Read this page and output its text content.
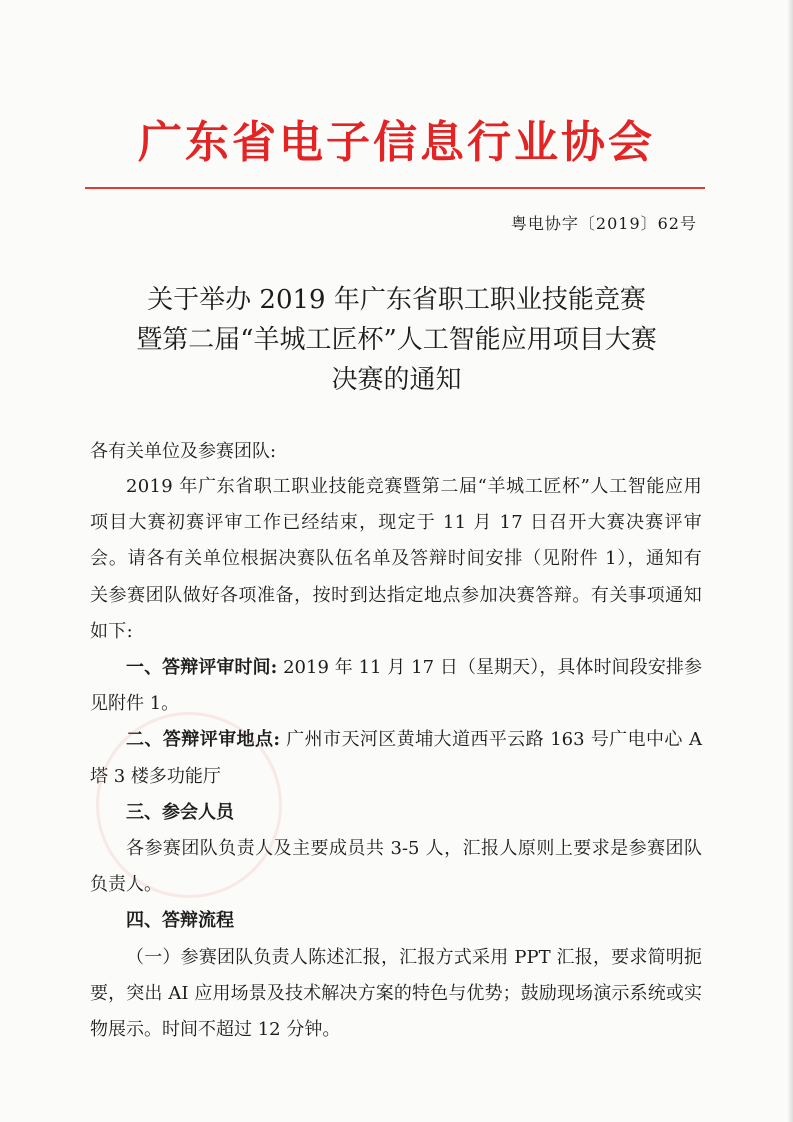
广东省电子信息行业协会
粤电协字〔2019〕62号
关于举办 2019 年广东省职工职业技能竞赛
暨第二届“羊城工匠杯”人工智能应用项目大赛
决赛的通知
各有关单位及参赛团队:

2019 年广东省职工职业技能竞赛暨第二届“羊城工匠杯”人工智能应用项目大赛初赛评审工作已经结束，现定于 11 月 17 日召开大赛决赛评审会。请各有关单位根据决赛队伍名单及答辩时间安排（见附件 1），通知有关参赛团队做好各项准备，按时到达指定地点参加决赛答辩。有关事项通知如下:

一、答辩评审时间: 2019 年 11 月 17 日（星期天），具体时间段安排参见附件 1。

二、答辩评审地点: 广州市天河区黄埔大道西平云路 163 号广电中心 A 塔 3 楼多功能厅

三、参会人员

各参赛团队负责人及主要成员共 3-5 人，汇报人原则上要求是参赛团队负责人。

四、答辩流程

（一）参赛团队负责人陈述汇报，汇报方式采用 PPT 汇报，要求简明扼要，突出 AI 应用场景及技术解决方案的特色与优势；鼓励现场演示系统或实物展示。时间不超过 12 分钟。
